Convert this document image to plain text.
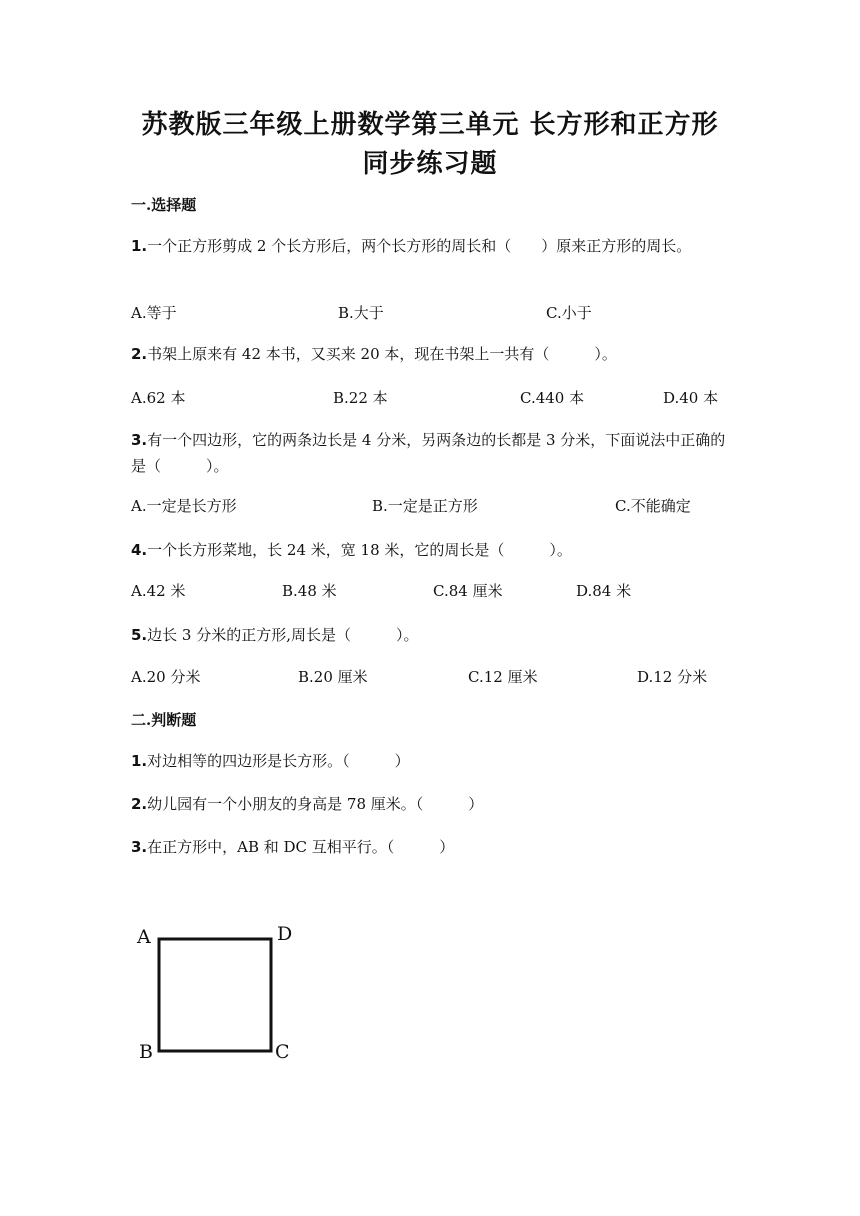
苏教版三年级上册数学第三单元 长方形和正方形
同步练习题
一.选择题
1.一个正方形剪成 2 个长方形后，两个长方形的周长和（　　）原来正方形的周长。
A.等于	B.大于	C.小于
2.书架上原来有 42 本书，又买来 20 本，现在书架上一共有（　　　）。
A.62 本	B.22 本	C.440 本	D.40 本
3.有一个四边形，它的两条边长是 4 分米，另两条边的长都是 3 分米，下面说法中正确的是（　　　）。
A.一定是长方形	B.一定是正方形	C.不能确定
4.一个长方形菜地，长 24 米，宽 18 米，它的周长是（　　　）。
A.42 米	B.48 米	C.84 厘米	D.84 米
5.边长 3 分米的正方形,周长是（　　　）。
A.20 分米	B.20 厘米	C.12 厘米	D.12 分米
二.判断题
1.对边相等的四边形是长方形。（　　　）
2.幼儿园有一个小朋友的身高是 78 厘米。（　　　）
3.在正方形中，AB 和 DC 互相平行。（　　　）
A	D
B	C
